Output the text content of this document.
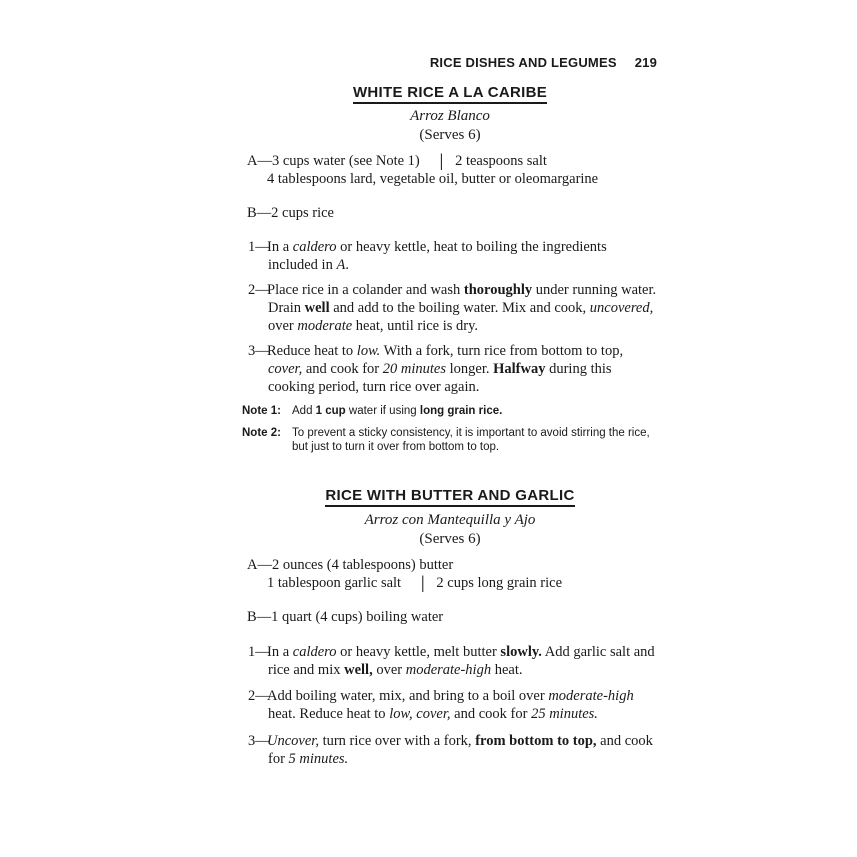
RICE DISHES AND LEGUMES 219
WHITE RICE A LA CARIBE
Arroz Blanco
(Serves 6)
A—3 cups water (see Note 1) | 2 teaspoons salt
4 tablespoons lard, vegetable oil, butter or oleomargarine
B—2 cups rice
1—
In a caldero or heavy kettle, heat to boiling the ingredients included in A.
2—
Place rice in a colander and wash thoroughly under running water. Drain well and add to the boiling water. Mix and cook, uncovered, over moderate heat, until rice is dry.
3—
Reduce heat to low. With a fork, turn rice from bottom to top, cover, and cook for 20 minutes longer. Halfway during this cooking period, turn rice over again.
Note 1: Add 1 cup water if using long grain rice.
Note 2: To prevent a sticky consistency, it is important to avoid stirring the rice, but just to turn it over from bottom to top.
RICE WITH BUTTER AND GARLIC
Arroz con Mantequilla y Ajo
(Serves 6)
A—2 ounces (4 tablespoons) butter
1 tablespoon garlic salt | 2 cups long grain rice
B—1 quart (4 cups) boiling water
1—
In a caldero or heavy kettle, melt butter slowly. Add garlic salt and rice and mix well, over moderate-high heat.
2—
Add boiling water, mix, and bring to a boil over moderate-high heat. Reduce heat to low, cover, and cook for 25 minutes.
3—
Uncover, turn rice over with a fork, from bottom to top, and cook for 5 minutes.
